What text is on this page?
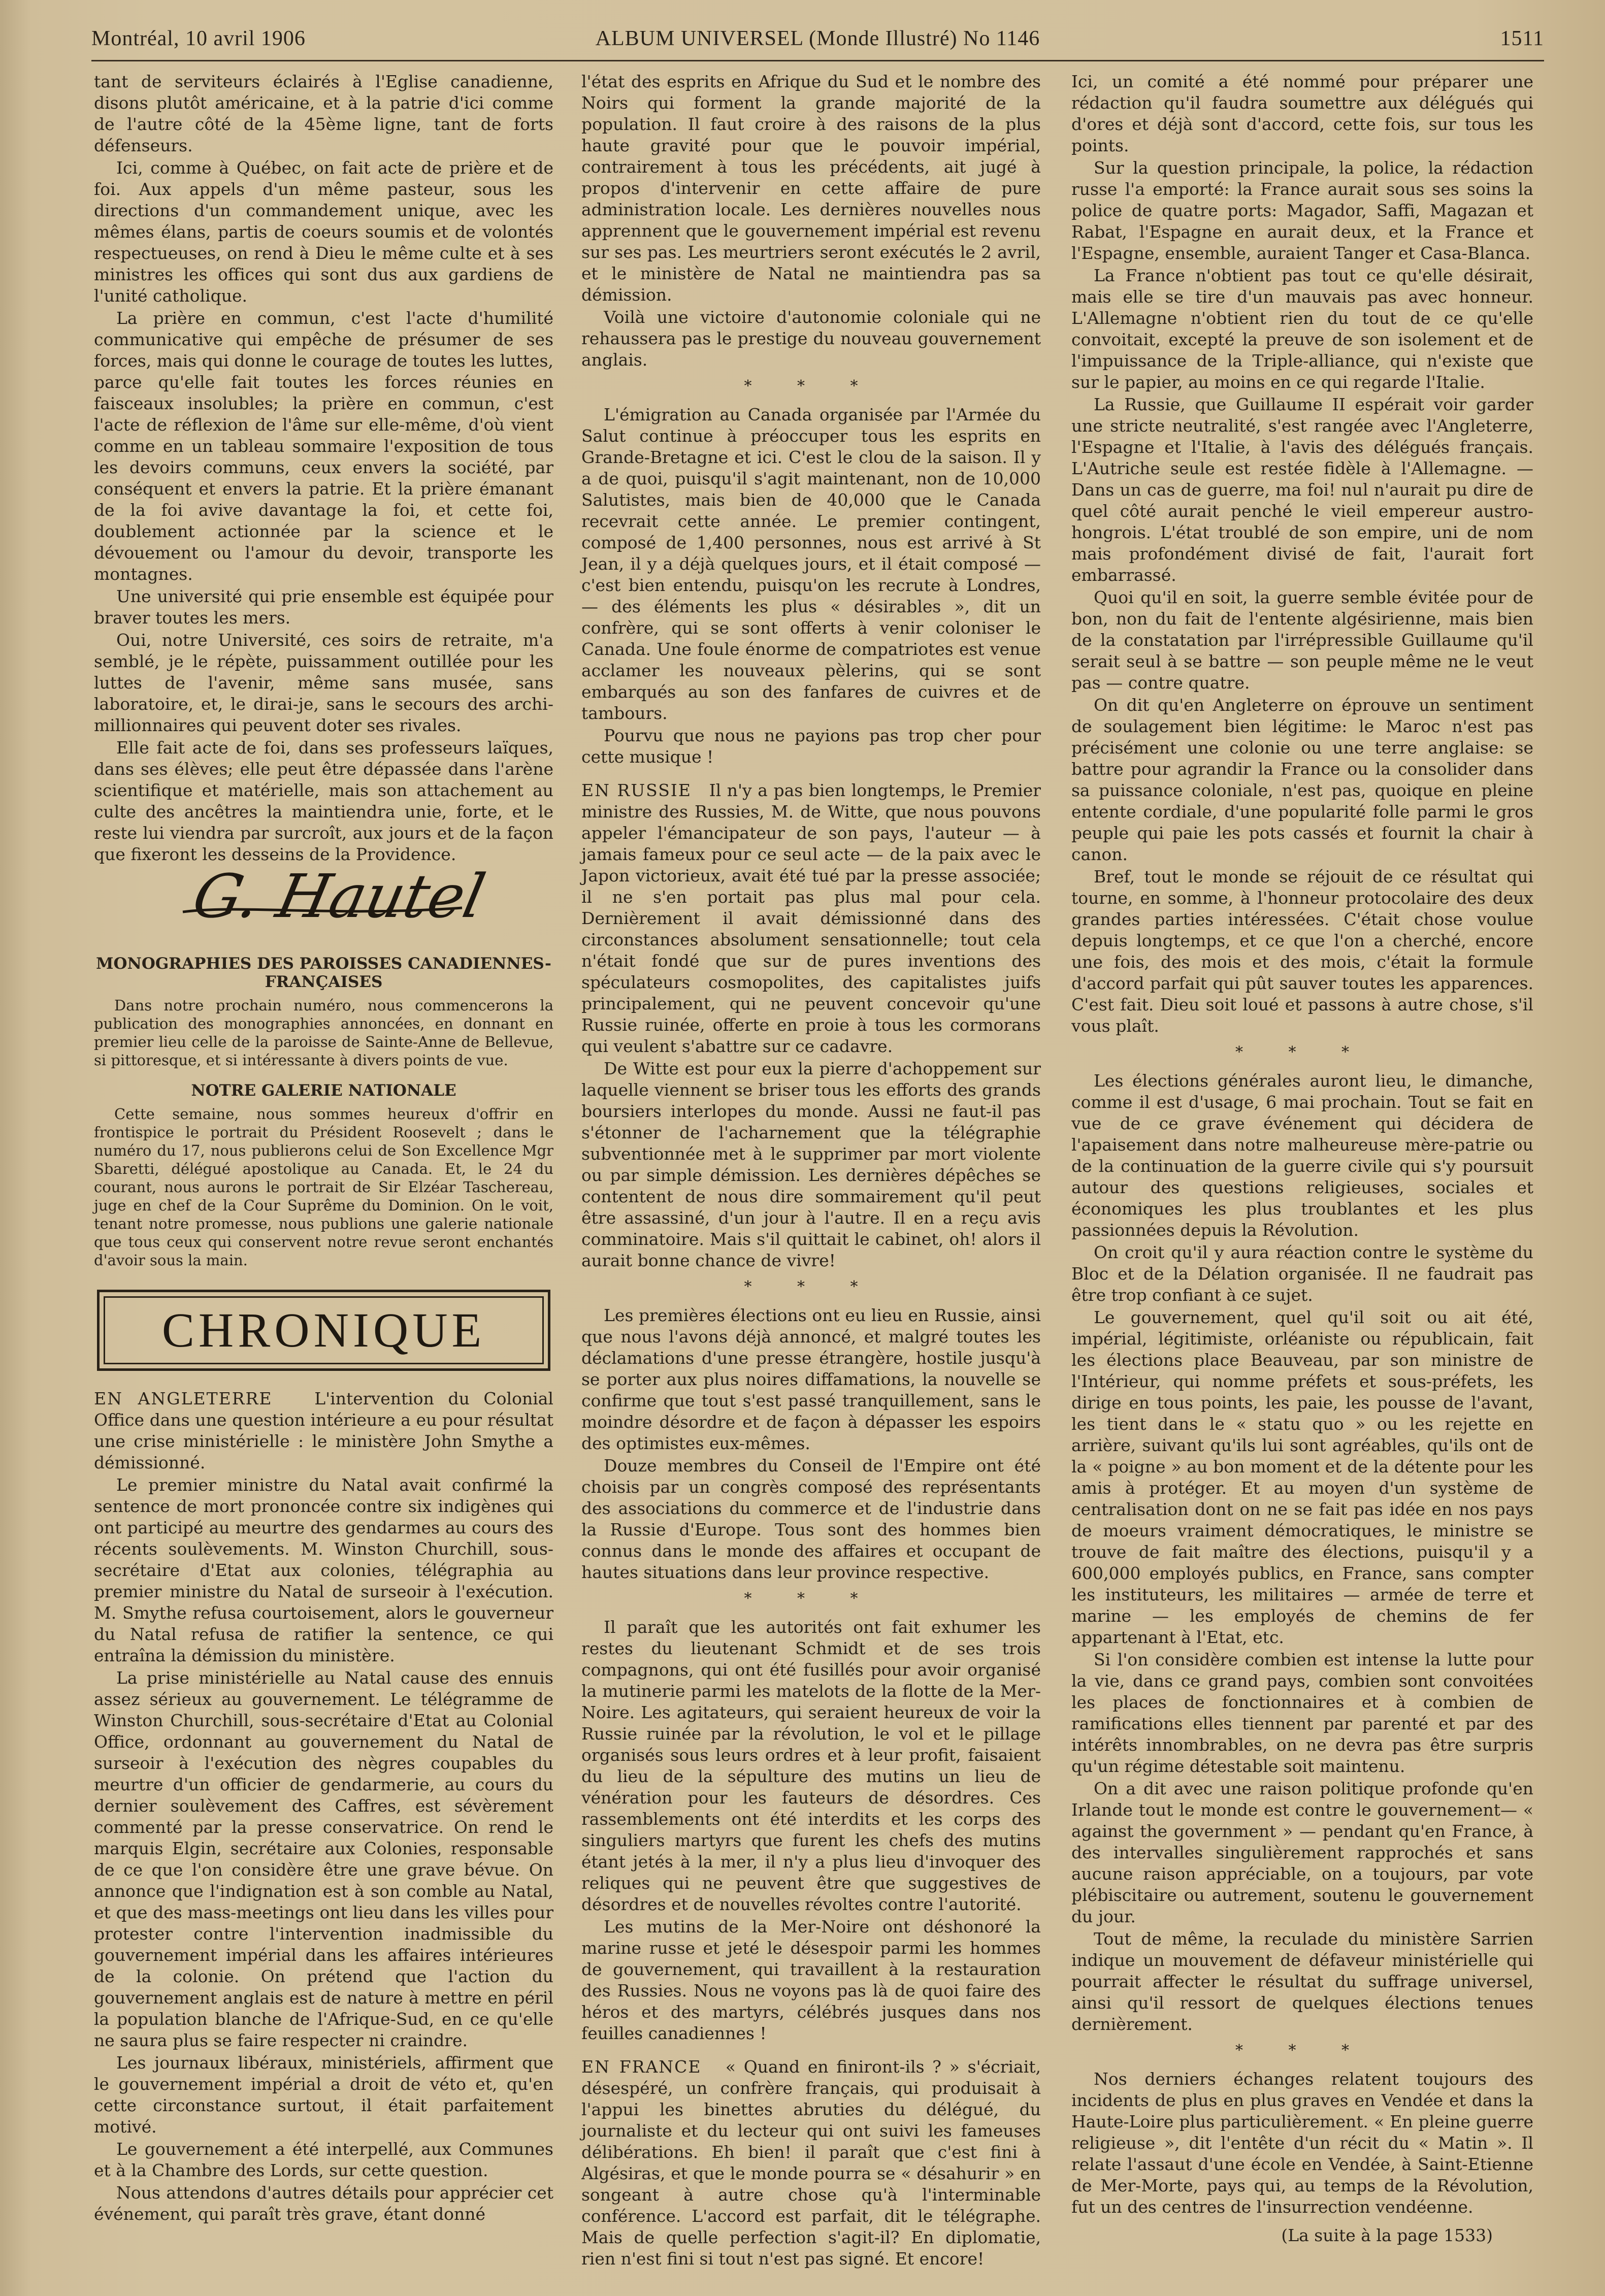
Montréal, 10 avril 1906	ALBUM UNIVERSEL (Monde Illustré) No 1146	1511

tant de serviteurs éclairés à l'Eglise canadienne, disons plutôt américaine, et à la patrie d'ici comme de l'autre côté de la 45ème ligne, tant de forts défenseurs.

Ici, comme à Québec, on fait acte de prière et de foi. Aux appels d'un même pasteur, sous les directions d'un commandement unique, avec les mêmes élans, partis de coeurs soumis et de volontés respectueuses, on rend à Dieu le même culte et à ses ministres les offices qui sont dus aux gardiens de l'unité catholique.

La prière en commun, c'est l'acte d'humilité communicative qui empêche de présumer de ses forces, mais qui donne le courage de toutes les luttes, parce qu'elle fait toutes les forces réunies en faisceaux insolubles; la prière en commun, c'est l'acte de réflexion de l'âme sur elle-même, d'où vient comme en un tableau sommaire l'exposition de tous les devoirs communs, ceux envers la société, par conséquent et envers la patrie. Et la prière émanant de la foi avive davantage la foi, et cette foi, doublement actionnée par la science et le dévouement ou l'amour du devoir, transporte les montagnes.

Une université qui prie ensemble est équipée pour braver toutes les mers.

Oui, notre Université, ces soirs de retraite, m'a semblé, je le répète, puissamment outillée pour les luttes de l'avenir, même sans musée, sans laboratoire, et, le dirai-je, sans le secours des archi-millionnaires qui peuvent doter ses rivales.

Elle fait acte de foi, dans ses professeurs laïques, dans ses élèves; elle peut être dépassée dans l'arène scientifique et matérielle, mais son attachement au culte des ancêtres la maintiendra unie, forte, et le reste lui viendra par surcroît, aux jours et de la façon que fixeront les desseins de la Providence.

G. Hautel
MONOGRAPHIES DES PAROISSES CANADIENNES-FRANÇAISES

Dans notre prochain numéro, nous commencerons la publication des monographies annoncées, en donnant en premier lieu celle de la paroisse de Sainte-Anne de Bellevue, si pittoresque, et si intéressante à divers points de vue.

NOTRE GALERIE NATIONALE

Cette semaine, nous sommes heureux d'offrir en frontispice le portrait du Président Roosevelt ; dans le numéro du 17, nous publierons celui de Son Excellence Mgr Sbaretti, délégué apostolique au Canada. Et, le 24 du courant, nous aurons le portrait de Sir Elzéar Taschereau, juge en chef de la Cour Suprême du Dominion. On le voit, tenant notre promesse, nous publions une galerie nationale que tous ceux qui conservent notre revue seront enchantés d'avoir sous la main.

CHRONIQUE

EN ANGLETERRE	L'intervention du Colonial Office dans une question intérieure a eu pour résultat une crise ministérielle : le ministère John Smythe a démissionné.

Le premier ministre du Natal avait confirmé la sentence de mort prononcée contre six indigènes qui ont participé au meurtre des gendarmes au cours des récents soulèvements. M. Winston Churchill, sous-secrétaire d'Etat aux colonies, télégraphia au premier ministre du Natal de surseoir à l'exécution. M. Smythe refusa courtoisement, alors le gouverneur du Natal refusa de ratifier la sentence, ce qui entraîna la démission du ministère.

La prise ministérielle au Natal cause des ennuis assez sérieux au gouvernement. Le télégramme de Winston Churchill, sous-secrétaire d'Etat au Colonial Office, ordonnant au gouvernement du Natal de surseoir à l'exécution des nègres coupables du meurtre d'un officier de gendarmerie, au cours du dernier soulèvement des Caffres, est sévèrement commenté par la presse conservatrice. On rend le marquis Elgin, secrétaire aux Colonies, responsable de ce que l'on considère être une grave bévue. On annonce que l'indignation est à son comble au Natal, et que des mass-meetings ont lieu dans les villes pour protester contre l'intervention inadmissible du gouvernement impérial dans les affaires intérieures de la colonie. On prétend que l'action du gouvernement anglais est de nature à mettre en péril la population blanche de l'Afrique-Sud, en ce qu'elle ne saura plus se faire respecter ni craindre.

Les journaux libéraux, ministériels, affirment que le gouvernement impérial a droit de véto et, qu'en cette circonstance surtout, il était parfaitement motivé.

Le gouvernement a été interpellé, aux Communes et à la Chambre des Lords, sur cette question.

Nous attendons d'autres détails pour apprécier cet événement, qui paraît très grave, étant donné

l'état des esprits en Afrique du Sud et le nombre des Noirs qui forment la grande majorité de la population. Il faut croire à des raisons de la plus haute gravité pour que le pouvoir impérial, contrairement à tous les précédents, ait jugé à propos d'intervenir en cette affaire de pure administration locale. Les dernières nouvelles nous apprennent que le gouvernement impérial est revenu sur ses pas. Les meurtriers seront exécutés le 2 avril, et le ministère de Natal ne maintiendra pas sa démission.

Voilà une victoire d'autonomie coloniale qui ne rehaussera pas le prestige du nouveau gouvernement anglais.

* * *

L'émigration au Canada organisée par l'Armée du Salut continue à préoccuper tous les esprits en Grande-Bretagne et ici. C'est le clou de la saison. Il y a de quoi, puisqu'il s'agit maintenant, non de 10,000 Salutistes, mais bien de 40,000 que le Canada recevrait cette année. Le premier contingent, composé de 1,400 personnes, nous est arrivé à St Jean, il y a déjà quelques jours, et il était composé — c'est bien entendu, puisqu'on les recrute à Londres, — des éléments les plus « désirables », dit un confrère, qui se sont offerts à venir coloniser le Canada. Une foule énorme de compatriotes est venue acclamer les nouveaux pèlerins, qui se sont embarqués au son des fanfares de cuivres et de tambours.

Pourvu que nous ne payions pas trop cher pour cette musique !

EN RUSSIE Il n'y a pas bien longtemps, le Premier ministre des Russies, M. de Witte, que nous pouvons appeler l'émancipateur de son pays, l'auteur — à jamais fameux pour ce seul acte — de la paix avec le Japon victorieux, avait été tué par la presse associée; il ne s'en portait pas plus mal pour cela. Dernièrement il avait démissionné dans des circonstances absolument sensationnelle; tout cela n'était fondé que sur de pures inventions des spéculateurs cosmopolites, des capitalistes juifs principalement, qui ne peuvent concevoir qu'une Russie ruinée, offerte en proie à tous les cormorans qui veulent s'abattre sur ce cadavre.

De Witte est pour eux la pierre d'achoppement sur laquelle viennent se briser tous les efforts des grands boursiers interlopes du monde. Aussi ne faut-il pas s'étonner de l'acharnement que la télégraphie subventionnée met à le supprimer par mort violente ou par simple démission. Les dernières dépêches se contentent de nous dire sommairement qu'il peut être assassiné, d'un jour à l'autre. Il en a reçu avis comminatoire. Mais s'il quittait le cabinet, oh! alors il aurait bonne chance de vivre!

* * *

Les premières élections ont eu lieu en Russie, ainsi que nous l'avons déjà annoncé, et malgré toutes les déclamations d'une presse étrangère, hostile jusqu'à se porter aux plus noires diffamations, la nouvelle se confirme que tout s'est passé tranquillement, sans le moindre désordre et de façon à dépasser les espoirs des optimistes eux-mêmes.

Douze membres du Conseil de l'Empire ont été choisis par un congrès composé des représentants des associations du commerce et de l'industrie dans la Russie d'Europe. Tous sont des hommes bien connus dans le monde des affaires et occupant de hautes situations dans leur province respective.

* * *

Il paraît que les autorités ont fait exhumer les restes du lieutenant Schmidt et de ses trois compagnons, qui ont été fusillés pour avoir organisé la mutinerie parmi les matelots de la flotte de la Mer-Noire. Les agitateurs, qui seraient heureux de voir la Russie ruinée par la révolution, le vol et le pillage organisés sous leurs ordres et à leur profit, faisaient du lieu de la sépulture des mutins un lieu de vénération pour les fauteurs de désordres. Ces rassemblements ont été interdits et les corps des singuliers martyrs que furent les chefs des mutins étant jetés à la mer, il n'y a plus lieu d'invoquer des reliques qui ne peuvent être que suggestives de désordres et de nouvelles révoltes contre l'autorité.

Les mutins de la Mer-Noire ont déshonoré la marine russe et jeté le désespoir parmi les hommes de gouvernement, qui travaillent à la restauration des Russies. Nous ne voyons pas là de quoi faire des héros et des martyrs, célébrés jusques dans nos feuilles canadiennes !

EN FRANCE « Quand en finiront-ils ? » s'écriait, désespéré, un confrère français, qui produisait à l'appui les binettes abruties du délégué, du journaliste et du lecteur qui ont suivi les fameuses délibérations. Eh bien! il paraît que c'est fini à Algésiras, et que le monde pourra se « désahurir » en songeant à autre chose qu'à l'interminable conférence. L'accord est parfait, dit le télégraphe. Mais de quelle perfection s'agit-il? En diplomatie, rien n'est fini si tout n'est pas signé. Et encore!

Ici, un comité a été nommé pour préparer une rédaction qu'il faudra soumettre aux délégués qui d'ores et déjà sont d'accord, cette fois, sur tous les points.

Sur la question principale, la police, la rédaction russe l'a emporté: la France aurait sous ses soins la police de quatre ports: Magador, Saffi, Magazan et Rabat, l'Espagne en aurait deux, et la France et l'Espagne, ensemble, auraient Tanger et Casa-Blanca.

La France n'obtient pas tout ce qu'elle désirait, mais elle se tire d'un mauvais pas avec honneur. L'Allemagne n'obtient rien du tout de ce qu'elle convoitait, excepté la preuve de son isolement et de l'impuissance de la Triple-alliance, qui n'existe que sur le papier, au moins en ce qui regarde l'Italie.

La Russie, que Guillaume II espérait voir garder une stricte neutralité, s'est rangée avec l'Angleterre, l'Espagne et l'Italie, à l'avis des délégués français. L'Autriche seule est restée fidèle à l'Allemagne. — Dans un cas de guerre, ma foi! nul n'aurait pu dire de quel côté aurait penché le vieil empereur austro-hongrois. L'état troublé de son empire, uni de nom mais profondément divisé de fait, l'aurait fort embarrassé.

Quoi qu'il en soit, la guerre semble évitée pour de bon, non du fait de l'entente algésirienne, mais bien de la constatation par l'irrépressible Guillaume qu'il serait seul à se battre — son peuple même ne le veut pas — contre quatre.

On dit qu'en Angleterre on éprouve un sentiment de soulagement bien légitime: le Maroc n'est pas précisément une colonie ou une terre anglaise: se battre pour agrandir la France ou la consolider dans sa puissance coloniale, n'est pas, quoique en pleine entente cordiale, d'une popularité folle parmi le gros peuple qui paie les pots cassés et fournit la chair à canon.

Bref, tout le monde se réjouit de ce résultat qui tourne, en somme, à l'honneur protocolaire des deux grandes parties intéressées. C'était chose voulue depuis longtemps, et ce que l'on a cherché, encore une fois, des mois et des mois, c'était la formule d'accord parfait qui pût sauver toutes les apparences. C'est fait. Dieu soit loué et passons à autre chose, s'il vous plaît.

* * *

Les élections générales auront lieu, le dimanche, comme il est d'usage, 6 mai prochain. Tout se fait en vue de ce grave événement qui décidera de l'apaisement dans notre malheureuse mère-patrie ou de la continuation de la guerre civile qui s'y poursuit autour des questions religieuses, sociales et économiques les plus troublantes et les plus passionnées depuis la Révolution.

On croit qu'il y aura réaction contre le système du Bloc et de la Délation organisée. Il ne faudrait pas être trop confiant à ce sujet.

Le gouvernement, quel qu'il soit ou ait été, impérial, légitimiste, orléaniste ou républicain, fait les élections place Beauveau, par son ministre de l'Intérieur, qui nomme préfets et sous-préfets, les dirige en tous points, les paie, les pousse de l'avant, les tient dans le « statu quo » ou les rejette en arrière, suivant qu'ils lui sont agréables, qu'ils ont de la « poigne » au bon moment et de la détente pour les amis à protéger. Et au moyen d'un système de centralisation dont on ne se fait pas idée en nos pays de moeurs vraiment démocratiques, le ministre se trouve de fait maître des élections, puisqu'il y a 600,000 employés publics, en France, sans compter les instituteurs, les militaires — armée de terre et marine — les employés de chemins de fer appartenant à l'Etat, etc.

Si l'on considère combien est intense la lutte pour la vie, dans ce grand pays, combien sont convoitées les places de fonctionnaires et à combien de ramifications elles tiennent par parenté et par des intérêts innombrables, on ne devra pas être surpris qu'un régime détestable soit maintenu.

On a dit avec une raison politique profonde qu'en Irlande tout le monde est contre le gouvernement— « against the government » — pendant qu'en France, à des intervalles singulièrement rapprochés et sans aucune raison appréciable, on a toujours, par vote plébiscitaire ou autrement, soutenu le gouvernement du jour.

Tout de même, la reculade du ministère Sarrien indique un mouvement de défaveur ministérielle qui pourrait affecter le résultat du suffrage universel, ainsi qu'il ressort de quelques élections tenues dernièrement.

* * *

Nos derniers échanges relatent toujours des incidents de plus en plus graves en Vendée et dans la Haute-Loire plus particulièrement. « En pleine guerre religieuse », dit l'entête d'un récit du « Matin ». Il relate l'assaut d'une école en Vendée, à Saint-Etienne de Mer-Morte, pays qui, au temps de la Révolution, fut un des centres de l'insurrection vendéenne.

(La suite à la page 1533)
